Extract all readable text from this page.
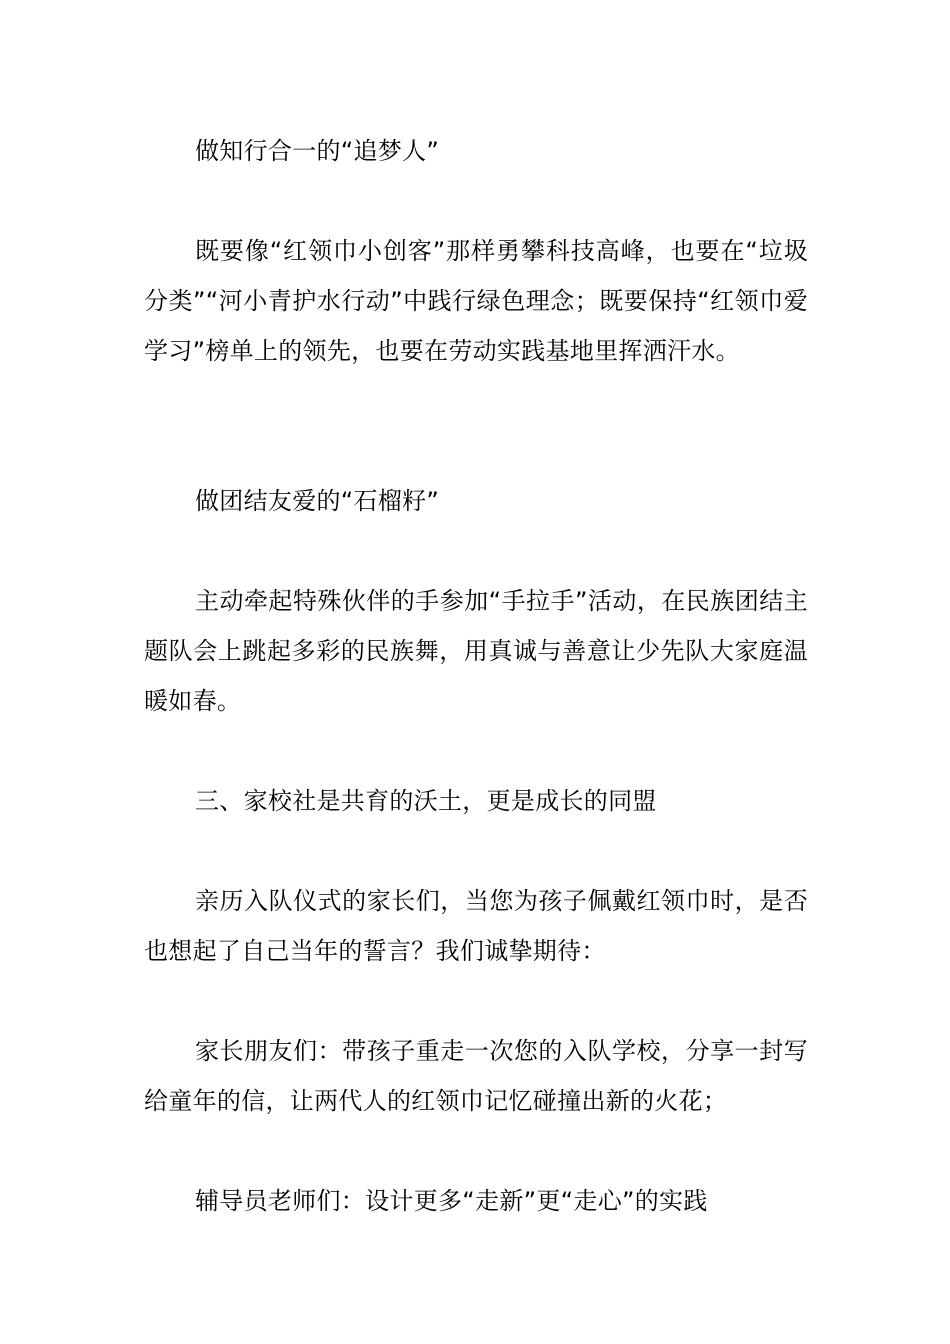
做知行合一的“追梦人”

既要像“红领巾小创客”那样勇攀科技高峰，也要在“垃圾分类”“河小青护水行动”中践行绿色理念；既要保持“红领巾爱学习”榜单上的领先，也要在劳动实践基地里挥洒汗水。

做团结友爱的“石榴籽”

主动牵起特殊伙伴的手参加“手拉手”活动，在民族团结主题队会上跳起多彩的民族舞，用真诚与善意让少先队大家庭温暖如春。

三、家校社是共育的沃土，更是成长的同盟

亲历入队仪式的家长们，当您为孩子佩戴红领巾时，是否也想起了自己当年的誓言？我们诚挚期待：

家长朋友们：带孩子重走一次您的入队学校，分享一封写给童年的信，让两代人的红领巾记忆碰撞出新的火花；

辅导员老师们：设计更多“走新”更“走心”的实践
